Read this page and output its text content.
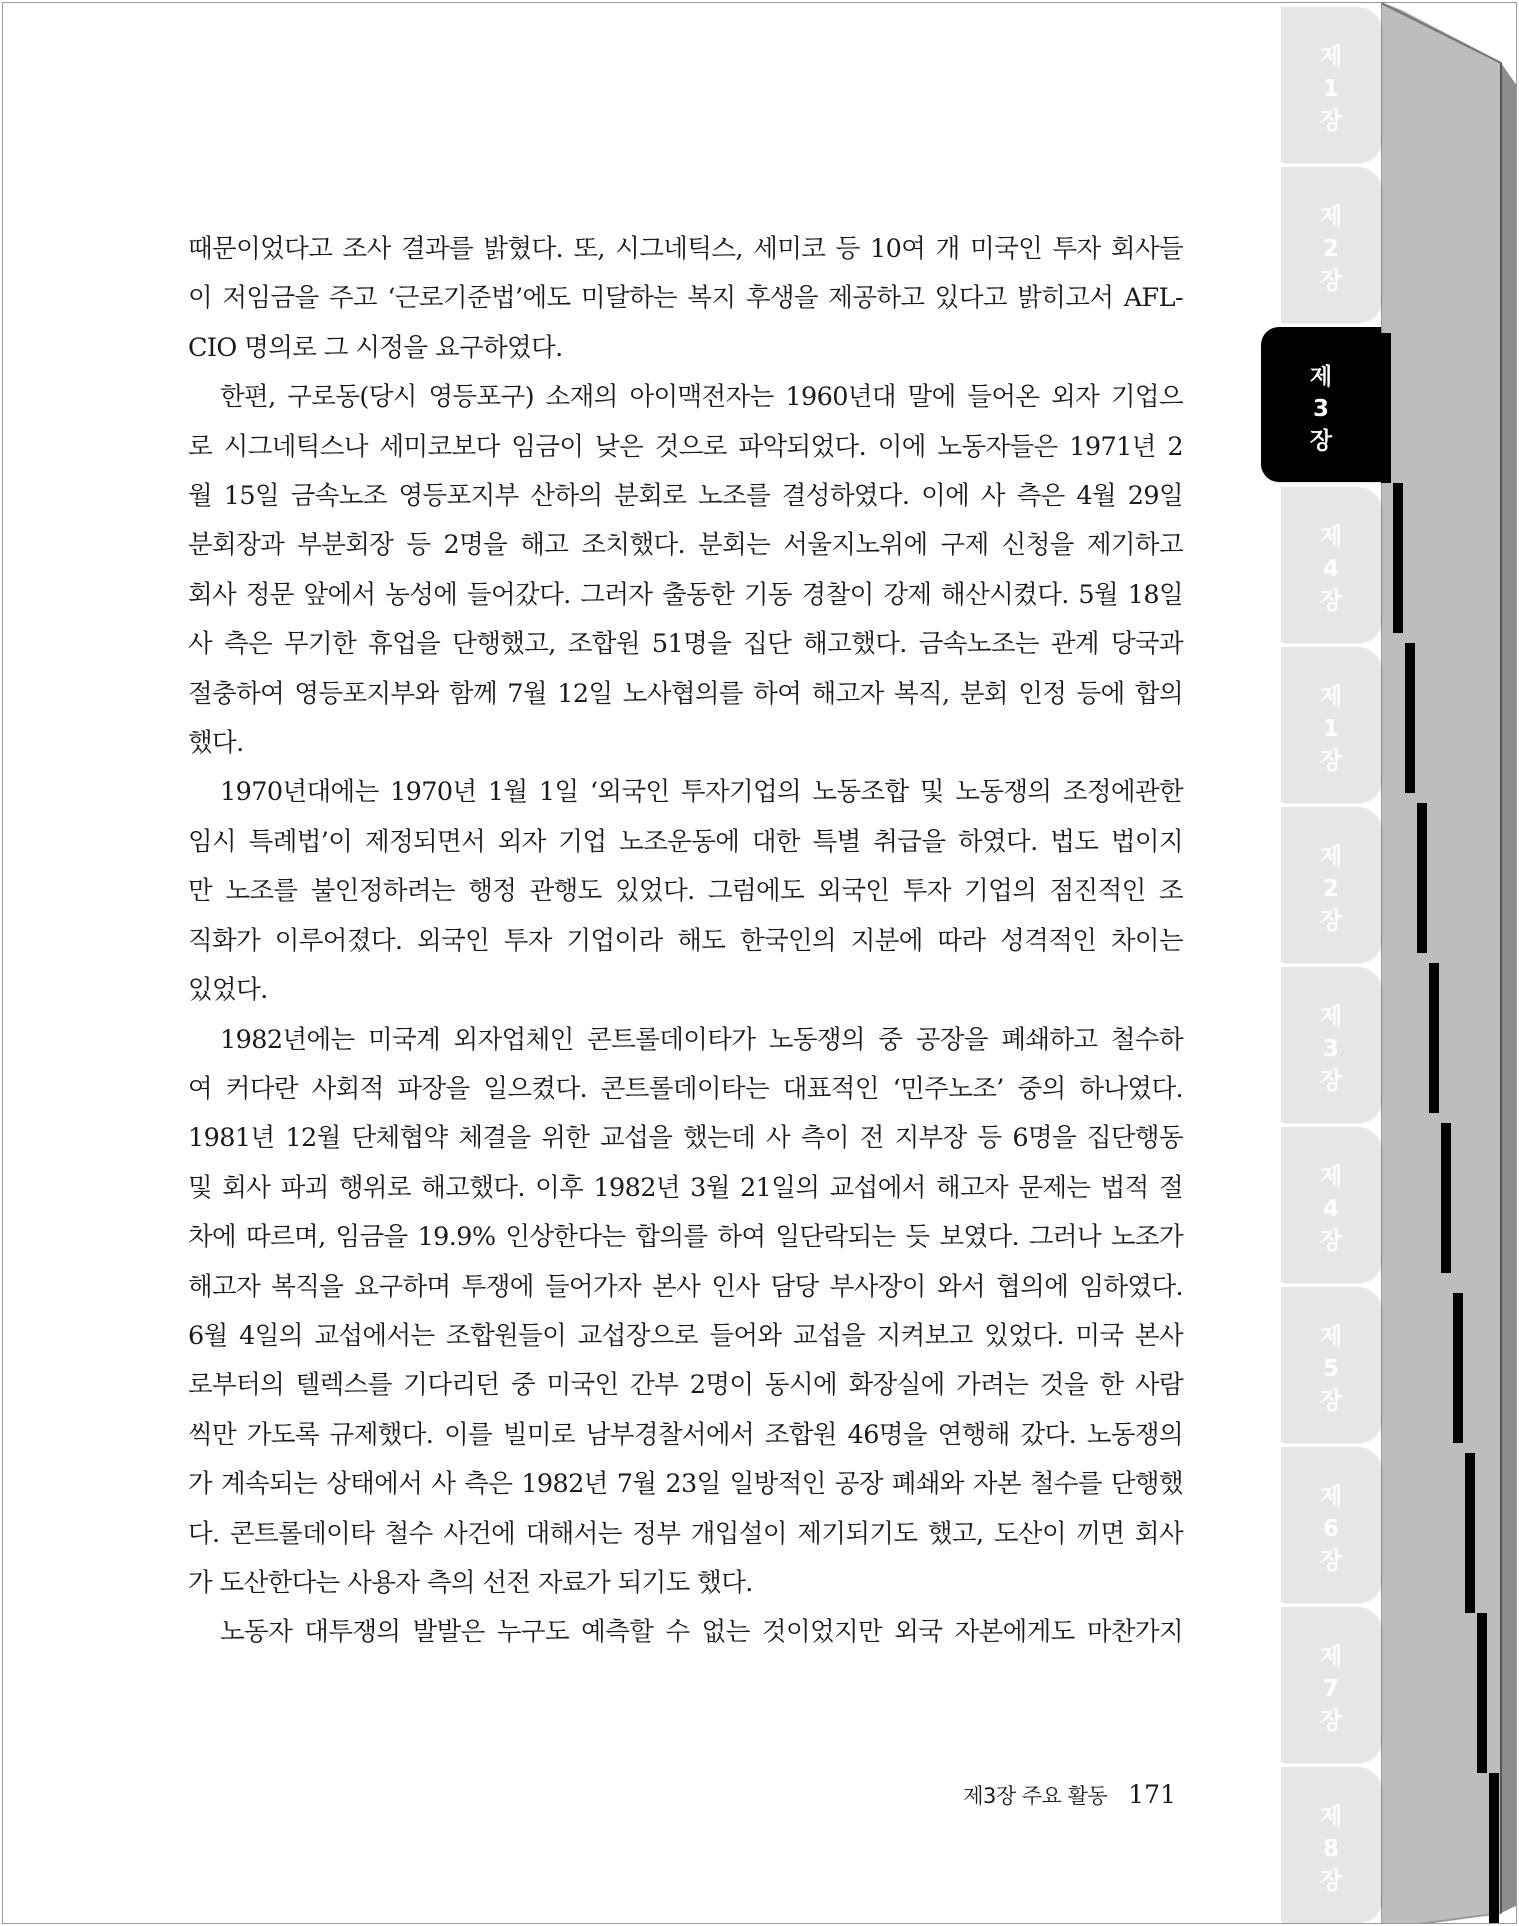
때문이었다고 조사 결과를 밝혔다. 또, 시그네틱스, 세미코 등 10여 개 미국인 투자 회사들
이 저임금을 주고 ‘근로기준법’에도 미달하는 복지 후생을 제공하고 있다고 밝히고서 AFL-
CIO 명의로 그 시정을 요구하였다.
한편, 구로동(당시 영등포구) 소재의 아이맥전자는 1960년대 말에 들어온 외자 기업으
로 시그네틱스나 세미코보다 임금이 낮은 것으로 파악되었다. 이에 노동자들은 1971년 2
월 15일 금속노조 영등포지부 산하의 분회로 노조를 결성하였다. 이에 사 측은 4월 29일
분회장과 부분회장 등 2명을 해고 조치했다. 분회는 서울지노위에 구제 신청을 제기하고
회사 정문 앞에서 농성에 들어갔다. 그러자 출동한 기동 경찰이 강제 해산시켰다. 5월 18일
사 측은 무기한 휴업을 단행했고, 조합원 51명을 집단 해고했다. 금속노조는 관계 당국과
절충하여 영등포지부와 함께 7월 12일 노사협의를 하여 해고자 복직, 분회 인정 등에 합의
했다.
1970년대에는 1970년 1월 1일 ‘외국인 투자기업의 노동조합 및 노동쟁의 조정에관한
임시 특례법’이 제정되면서 외자 기업 노조운동에 대한 특별 취급을 하였다. 법도 법이지
만 노조를 불인정하려는 행정 관행도 있었다. 그럼에도 외국인 투자 기업의 점진적인 조
직화가 이루어졌다. 외국인 투자 기업이라 해도 한국인의 지분에 따라 성격적인 차이는
있었다.
1982년에는 미국계 외자업체인 콘트롤데이타가 노동쟁의 중 공장을 폐쇄하고 철수하
여 커다란 사회적 파장을 일으켰다. 콘트롤데이타는 대표적인 ‘민주노조’ 중의 하나였다.
1981년 12월 단체협약 체결을 위한 교섭을 했는데 사 측이 전 지부장 등 6명을 집단행동
및 회사 파괴 행위로 해고했다. 이후 1982년 3월 21일의 교섭에서 해고자 문제는 법적 절
차에 따르며, 임금을 19.9% 인상한다는 합의를 하여 일단락되는 듯 보였다. 그러나 노조가
해고자 복직을 요구하며 투쟁에 들어가자 본사 인사 담당 부사장이 와서 협의에 임하였다.
6월 4일의 교섭에서는 조합원들이 교섭장으로 들어와 교섭을 지켜보고 있었다. 미국 본사
로부터의 텔렉스를 기다리던 중 미국인 간부 2명이 동시에 화장실에 가려는 것을 한 사람
씩만 가도록 규제했다. 이를 빌미로 남부경찰서에서 조합원 46명을 연행해 갔다. 노동쟁의
가 계속되는 상태에서 사 측은 1982년 7월 23일 일방적인 공장 폐쇄와 자본 철수를 단행했
다. 콘트롤데이타 철수 사건에 대해서는 정부 개입설이 제기되기도 했고, 도산이 끼면 회사
가 도산한다는 사용자 측의 선전 자료가 되기도 했다.
노동자 대투쟁의 발발은 누구도 예측할 수 없는 것이었지만 외국 자본에게도 마찬가지
제3장 주요 활동 171
제
1
장
제
2
장
제
3
장
제
4
장
제
1
장
제
2
장
제
3
장
제
4
장
제
5
장
제
6
장
제
7
장
제
8
장
